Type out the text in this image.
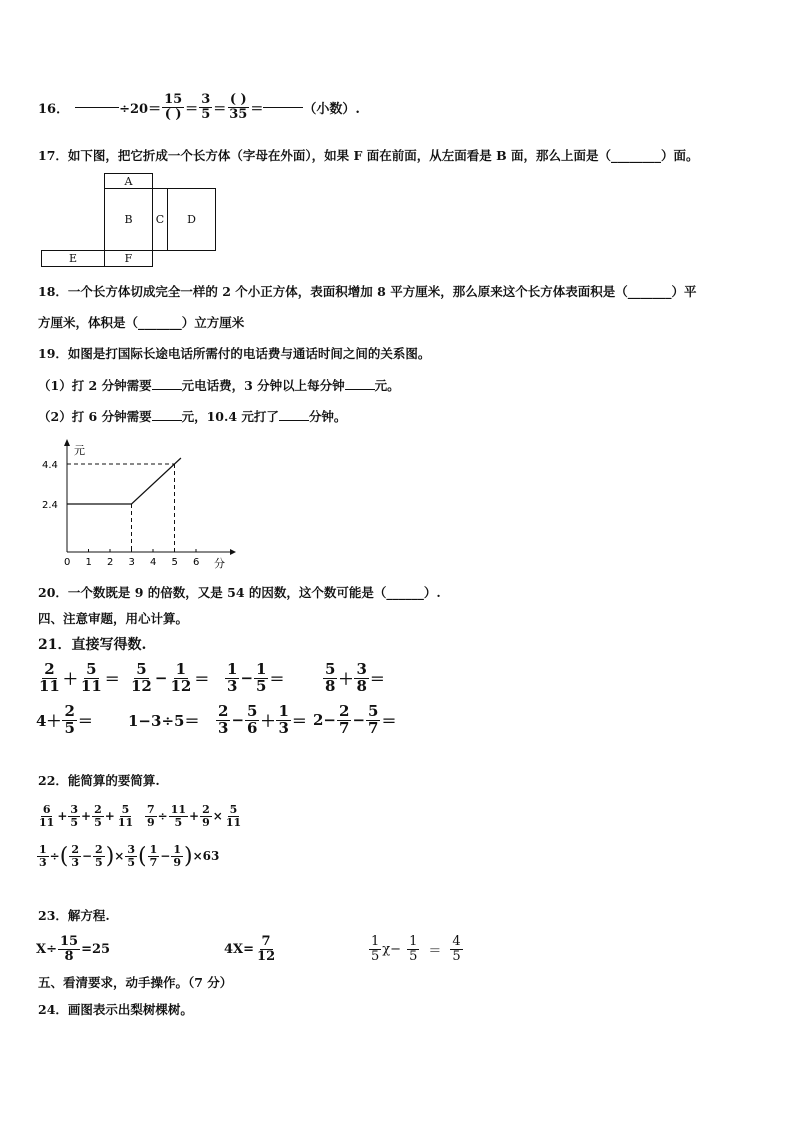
16．	$\div 20= \frac{15}{( )} = \frac{3}{5} = \frac{( )}{35}$ ＝	（小数）.
17．如下图，把它折成一个长方体（字母在外面），如果 F 面在前面，从左面看是 B 面，那么上面是（________）面。
A
B	C	D
E	F
18．一个长方体切成完全一样的 2 个小正方体，表面积增加 8 平方厘米，那么原来这个长方体表面积是（_______）平
方厘米，体积是（_______）立方厘米
19．如图是打国际长途电话所需付的电话费与通话时间之间的关系图。
（1）打 2 分钟需要 元电话费，3 分钟以上每分钟 元。
（2）打 6 分钟需要 元，10.4 元打了 分钟。
0 1 2 3 4 5 6
2.4
4.4
元
分
20．一个数既是 9 的倍数，又是 54 的因数，这个数可能是（______）.
四、注意审题，用心计算。
21．直接写得数.
$\frac{2}{11} + \frac{5}{11} = \frac{5}{12} - \frac{1}{12} = \frac{1}{3} - \frac{1}{5}$ ＝	$\frac{5}{8} + \frac{3}{8}$ ＝
$4+ \frac{2}{5} = 1-3\div 5= \frac{2}{3} - \frac{5}{6} + \frac{1}{3} = 2- \frac{2}{7} - \frac{5}{7}$ ＝
22．能简算的要简算.
$\frac{6}{11} + \frac{3}{5} + \frac{2}{5} + \frac{5}{11} \frac{7}{9} \div \frac{11}{5} + \frac{2}{9} \times \frac{5}{11}$
$\frac{1}{3}$ ÷ ( $\frac{2}{3} - \frac{2}{5}$ ) × $\frac{3}{5}$ ( $\frac{1}{7} - \frac{1}{9}$ ) ×63
23．解方程.
$X\div \frac{15}{8} =25$	$4X= \frac{7}{12}$	$\frac{1}{5} \chi- \frac{1}{5} = \frac{4}{5}$
五、看清要求，动手操作。（7 分）
24．画图表示出梨树棵树。
